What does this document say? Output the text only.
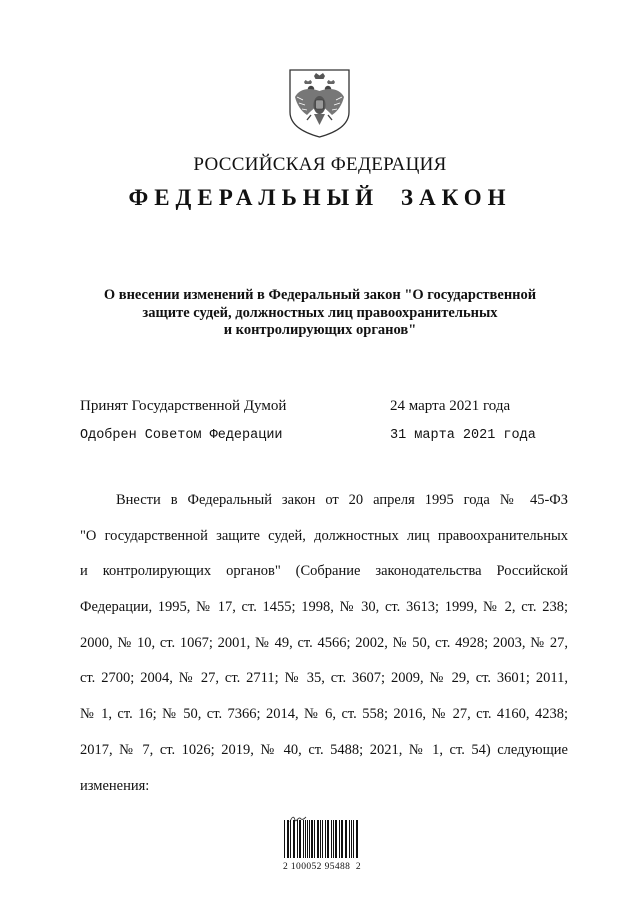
РОССИЙСКАЯ ФЕДЕРАЦИЯ
ФЕДЕРАЛЬНЫЙ ЗАКОН
О внесении изменений в Федеральный закон "О государственной
защите судей, должностных лиц правоохранительных
и контролирующих органов"
Принят Государственной Думой	24 марта 2021 года
Одобрен Советом Федерации	31 марта 2021 года
Внести в Федеральный закон от 20 апреля 1995 года № 45-ФЗ
"О государственной защите судей, должностных лиц правоохранительных
и контролирующих органов" (Собрание законодательства Российской
Федерации, 1995, № 17, ст. 1455; 1998, № 30, ст. 3613; 1999, № 2, ст. 238;
2000, № 10, ст. 1067; 2001, № 49, ст. 4566; 2002, № 50, ст. 4928; 2003, № 27,
ст. 2700; 2004, № 27, ст. 2711; № 35, ст. 3607; 2009, № 29, ст. 3601; 2011,
№ 1, ст. 16; № 50, ст. 7366; 2014, № 6, ст. 558; 2016, № 27, ст. 4160, 4238;
2017, № 7, ст. 1026; 2019, № 40, ст. 5488; 2021, № 1, ст. 54) следующие
изменения:
2 100052 95488  2
